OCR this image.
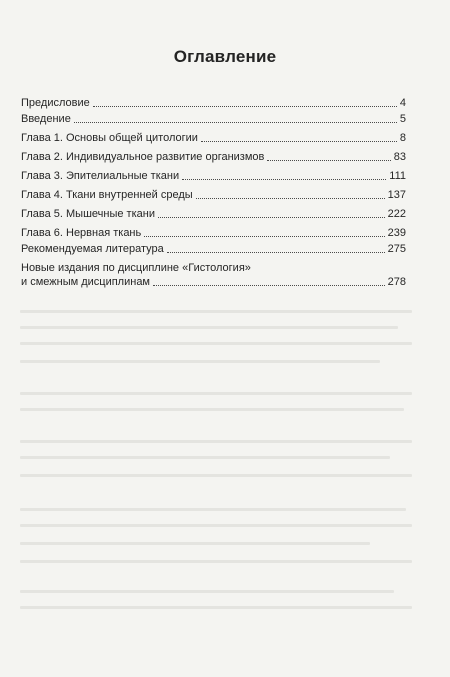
Оглавление
Предисловие	4
Введение	5
Глава 1. Основы общей цитологии	8
Глава 2. Индивидуальное развитие организмов	83
Глава 3. Эпителиальные ткани	111
Глава 4. Ткани внутренней среды	137
Глава 5. Мышечные ткани	222
Глава 6. Нервная ткань	239
Рекомендуемая литература	275
Новые издания по дисциплине «Гистология»
и смежным дисциплинам	278
